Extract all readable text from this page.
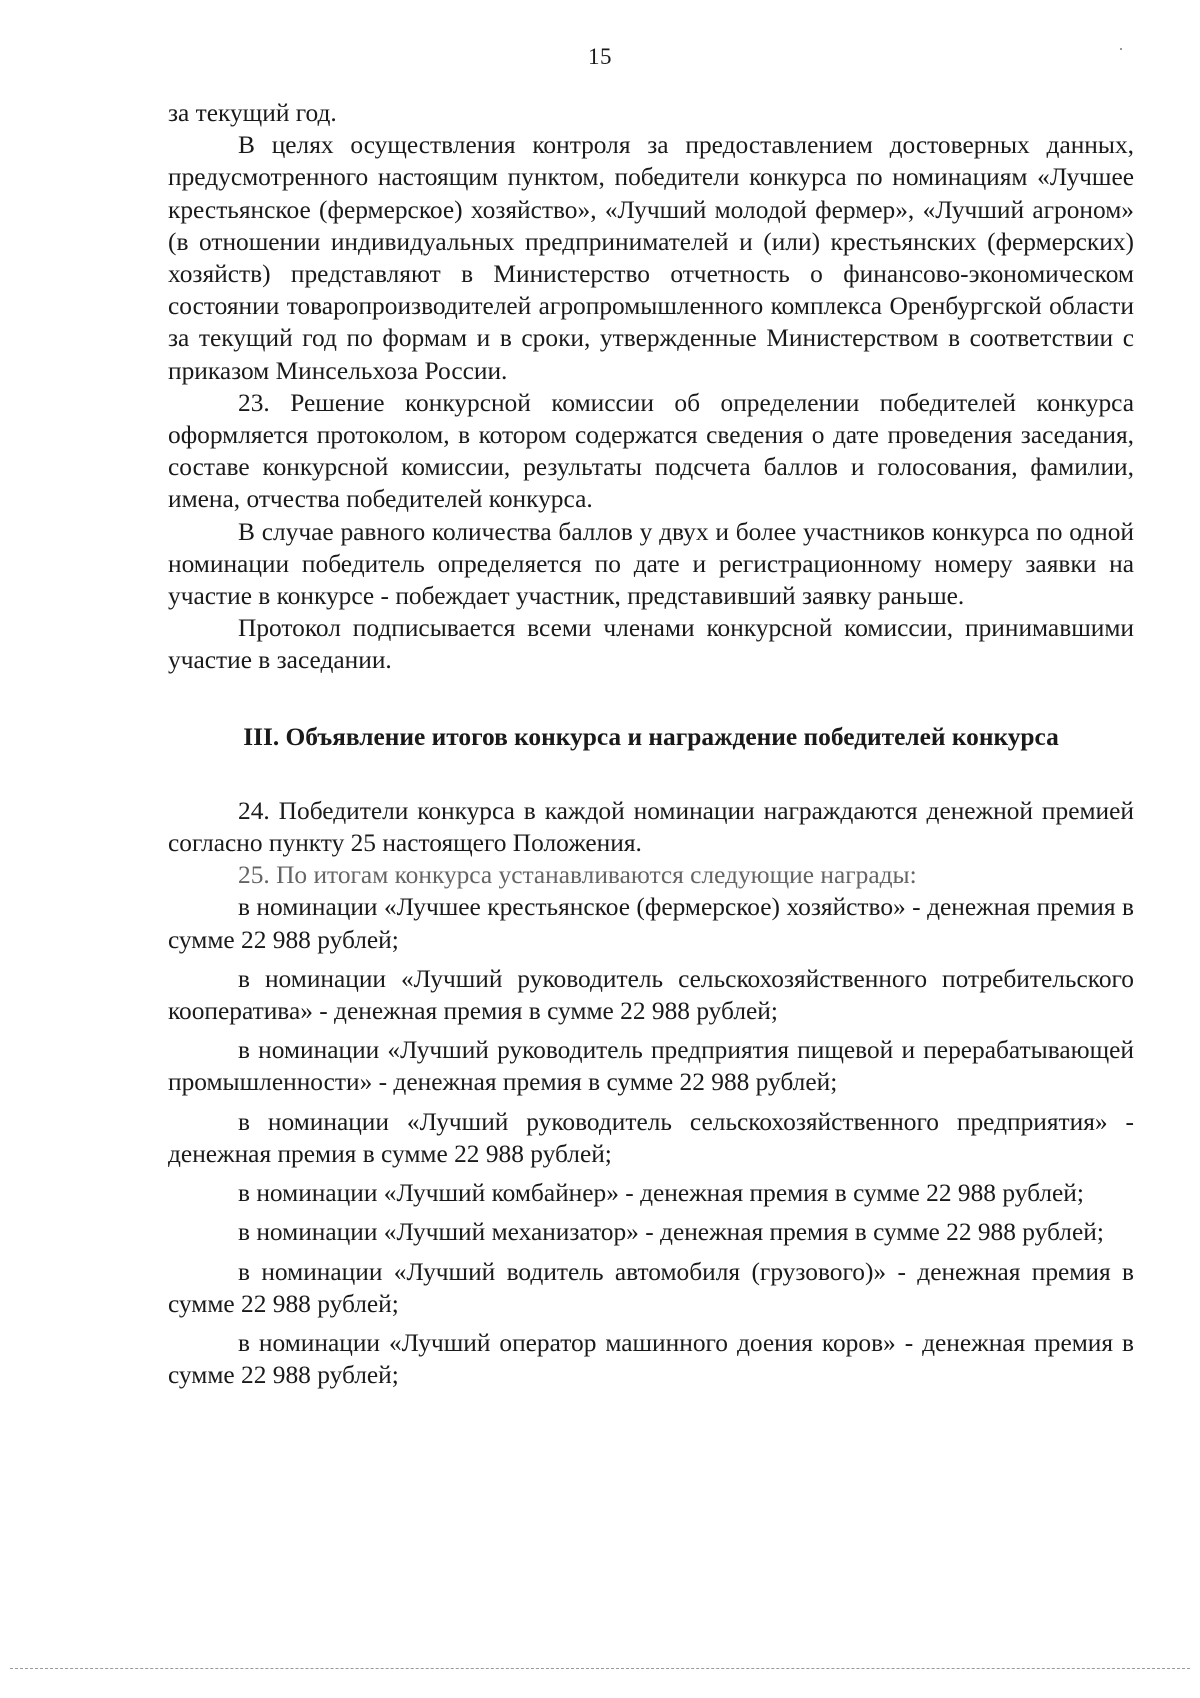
15

за текущий год.

В целях осуществления контроля за предоставлением достоверных данных, предусмотренного настоящим пунктом, победители конкурса по номинациям «Лучшее крестьянское (фермерское) хозяйство», «Лучший молодой фермер», «Лучший агроном» (в отношении индивидуальных предпринимателей и (или) крестьянских (фермерских) хозяйств) представляют в Министерство отчетность о финансово-экономическом состоянии товаропроизводителей агропромышленного комплекса Оренбургской области за текущий год по формам и в сроки, утвержденные Министерством в соответствии с приказом Минсельхоза России.

23. Решение конкурсной комиссии об определении победителей конкурса оформляется протоколом, в котором содержатся сведения о дате проведения заседания, составе конкурсной комиссии, результаты подсчета баллов и голосования, фамилии, имена, отчества победителей конкурса.

В случае равного количества баллов у двух и более участников конкурса по одной номинации победитель определяется по дате и регистрационному номеру заявки на участие в конкурсе - побеждает участник, представивший заявку раньше.

Протокол подписывается всеми членами конкурсной комиссии, принимавшими участие в заседании.

III. Объявление итогов конкурса и награждение победителей конкурса

24. Победители конкурса в каждой номинации награждаются денежной премией согласно пункту 25 настоящего Положения.

25. По итогам конкурса устанавливаются следующие награды:

в номинации «Лучшее крестьянское (фермерское) хозяйство» - денежная премия в сумме 22 988 рублей;

в номинации «Лучший руководитель сельскохозяйственного потребительского кооператива» - денежная премия в сумме 22 988 рублей;

в номинации «Лучший руководитель предприятия пищевой и перерабатывающей промышленности» - денежная премия в сумме 22 988 рублей;

в номинации «Лучший руководитель сельскохозяйственного предприятия» - денежная премия в сумме 22 988 рублей;

в номинации «Лучший комбайнер» - денежная премия в сумме 22 988 рублей;

в номинации «Лучший механизатор» - денежная премия в сумме 22 988 рублей;

в номинации «Лучший водитель автомобиля (грузового)» - денежная премия в сумме 22 988 рублей;

в номинации «Лучший оператор машинного доения коров» - денежная премия в сумме 22 988 рублей;
